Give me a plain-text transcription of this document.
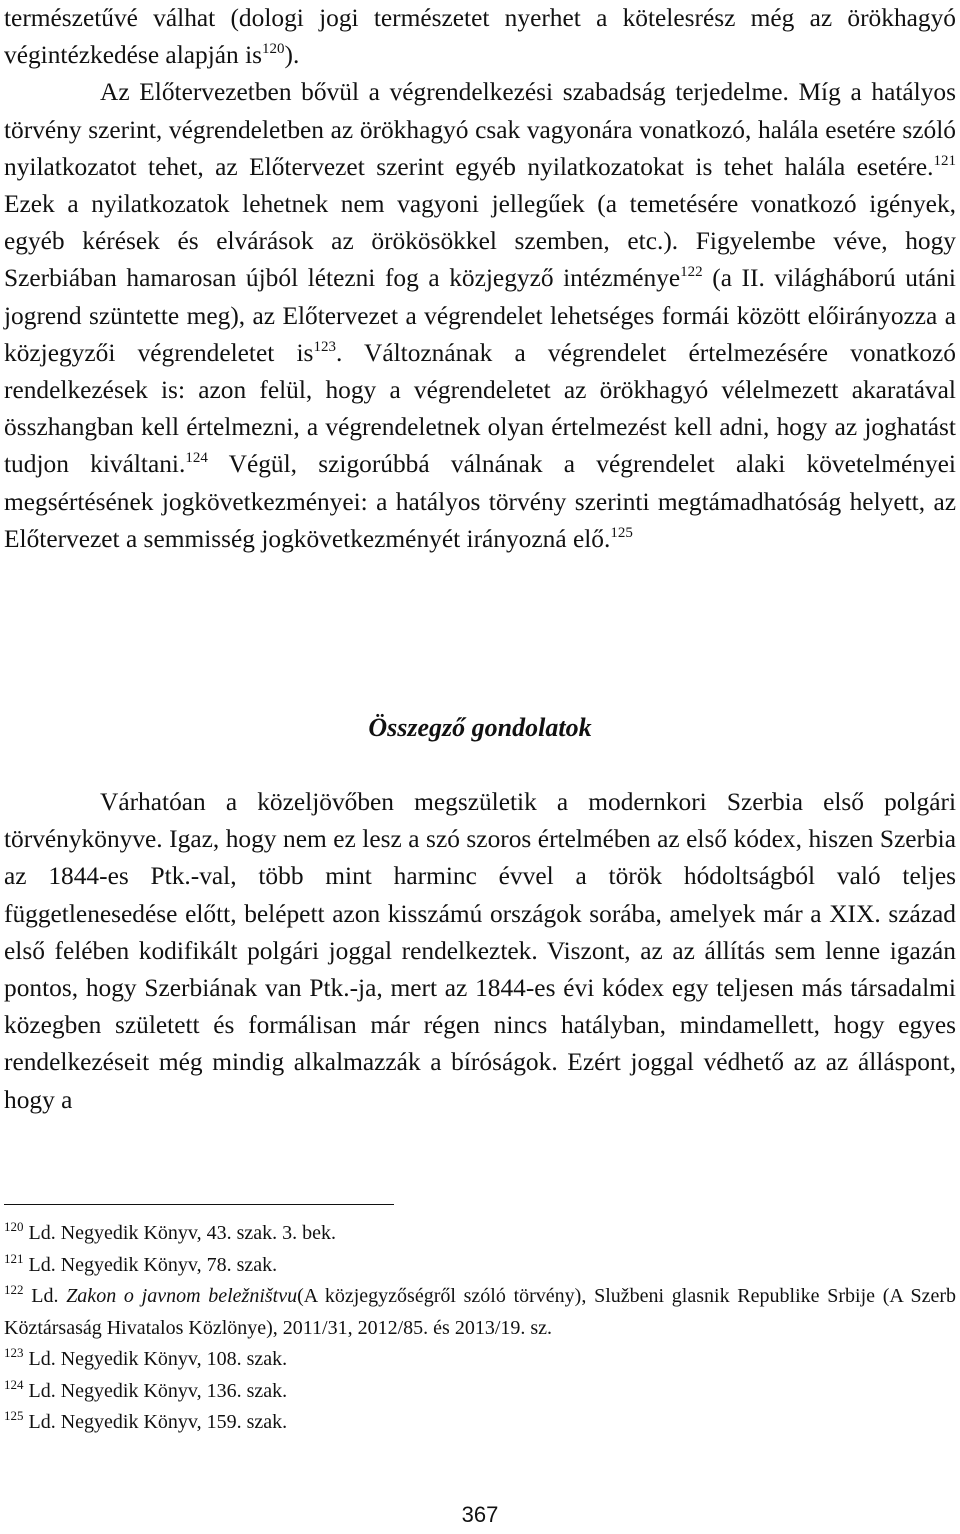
természetűvé válhat (dologi jogi természetet nyerhet a kötelesrész még az örökhagyó végintézkedése alapján $is^{120}$).

Az Előtervezetben bővül a végrendelkezési szabadság terjedelme. Míg a hatályos törvény szerint, végrendeletben az örökhagyó csak vagyonára vonatkozó, halála esetére szóló nyilatkozatot tehet, az Előtervezet szerint egyéb nyilatkozatokat is tehet halála esetére.$^{121}$ Ezek a nyilatkozatok lehetnek nem vagyoni jellegűek (a temetésére vonatkozó igények, egyéb kérések és elvárások az örökösökkel szemben, etc.). Figyelembe véve, hogy Szerbiában hamarosan újból létezni fog a közjegyző intézménye$^{122}$ (a II. világháború utáni jogrend szüntette meg), az Előtervezet a végrendelet lehetséges formái között előirányozza a közjegyzői végrendeletet $is^{123}$. Változnának a végrendelet értelmezésére vonatkozó rendelkezések is: azon felül, hogy a végrendeletet az örökhagyó vélelmezett akaratával összhangban kell értelmezni, a végrendeletnek olyan értelmezést kell adni, hogy az joghatást tudjon kiváltani.$^{124}$ Végül, szigorúbbá válnának a végrendelet alaki követelményei megsértésének jogkövetkezményei: a hatályos törvény szerinti megtámadhatóság helyett, az Előtervezet a semmisség jogkövetkezményét irányozná elő.$^{125}$

Összegző gondolatok

Várhatóan a közeljövőben megszületik a modernkori Szerbia első polgári törvénykönyve. Igaz, hogy nem ez lesz a szó szoros értelmében az első kódex, hiszen Szerbia az 1844-es Ptk.-val, több mint harminc évvel a török hódoltságból való teljes függetlenesedése előtt, belépett azon kisszámú országok sorába, amelyek már a XIX. század első felében kodifikált polgári joggal rendelkeztek. Viszont, az az állítás sem lenne igazán pontos, hogy Szerbiának van Ptk.-ja, mert az 1844-es évi kódex egy teljesen más társadalmi közegben született és formálisan már régen nincs hatályban, mindamellett, hogy egyes rendelkezéseit még mindig alkalmazzák a bíróságok. Ezért joggal védhető az az álláspont, hogy a

$^{120}$ Ld. Negyedik Könyv, 43. szak. 3. bek.

$^{121}$ Ld. Negyedik Könyv, 78. szak.

$^{122}$ Ld. Zakon o javnom beležništvu(A közjegyzőségről szóló törvény), Službeni glasnik Republike Srbije (A Szerb Köztársaság Hivatalos Közlönye), 2011/31, 2012/85. és 2013/19. sz.

$^{123}$ Ld. Negyedik Könyv, 108. szak.

$^{124}$ Ld. Negyedik Könyv, 136. szak.

$^{125}$ Ld. Negyedik Könyv, 159. szak.

367
